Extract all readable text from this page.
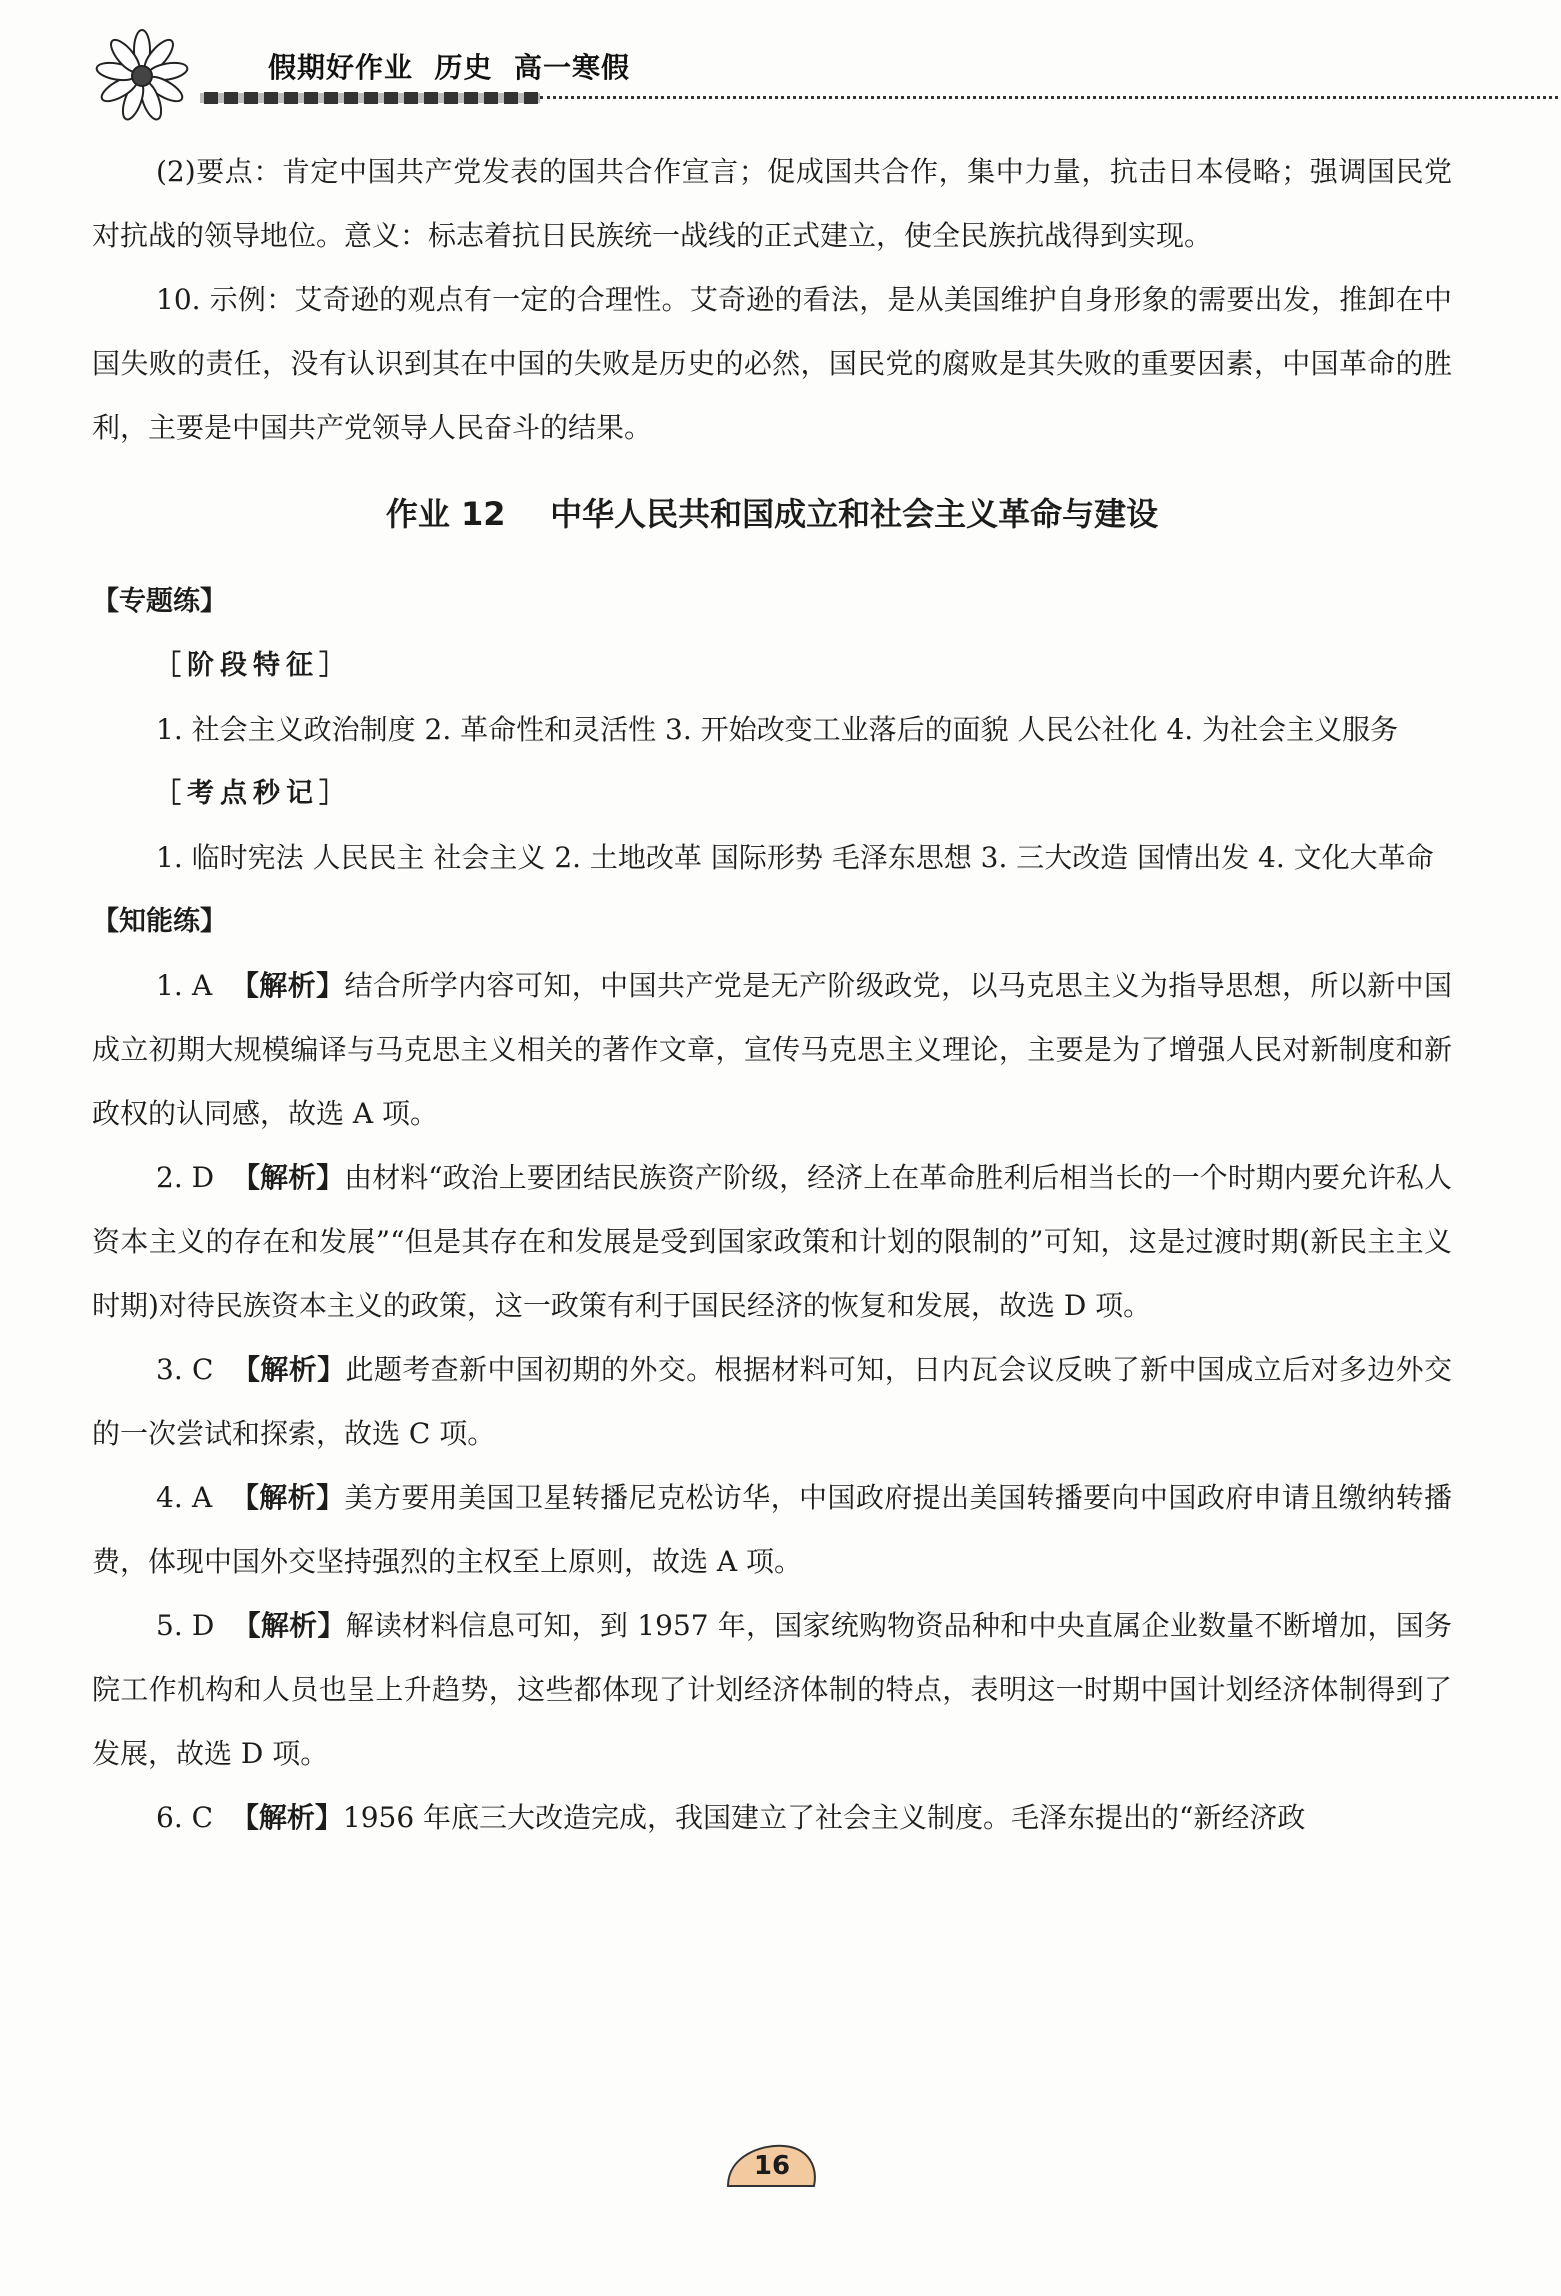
假期好作业  历史  高一寒假

(2)要点：肯定中国共产党发表的国共合作宣言；促成国共合作，集中力量，抗击日本侵略；强调国民党对抗战的领导地位。意义：标志着抗日民族统一战线的正式建立，使全民族抗战得到实现。

10. 示例：艾奇逊的观点有一定的合理性。艾奇逊的看法，是从美国维护自身形象的需要出发，推卸在中国失败的责任，没有认识到其在中国的失败是历史的必然，国民党的腐败是其失败的重要因素，中国革命的胜利，主要是中国共产党领导人民奋斗的结果。

作业 12    中华人民共和国成立和社会主义革命与建设

【专题练】

［阶段特征］

1. 社会主义政治制度 2. 革命性和灵活性 3. 开始改变工业落后的面貌 人民公社化 4. 为社会主义服务

［考点秒记］

1. 临时宪法 人民民主 社会主义 2. 土地改革 国际形势 毛泽东思想 3. 三大改造 国情出发 4. 文化大革命

【知能练】

1. A 【解析】结合所学内容可知，中国共产党是无产阶级政党，以马克思主义为指导思想，所以新中国成立初期大规模编译与马克思主义相关的著作文章，宣传马克思主义理论，主要是为了增强人民对新制度和新政权的认同感，故选 A 项。

2. D 【解析】由材料“政治上要团结民族资产阶级，经济上在革命胜利后相当长的一个时期内要允许私人资本主义的存在和发展”“但是其存在和发展是受到国家政策和计划的限制的”可知，这是过渡时期(新民主主义时期)对待民族资本主义的政策，这一政策有利于国民经济的恢复和发展，故选 D 项。

3. C 【解析】此题考查新中国初期的外交。根据材料可知，日内瓦会议反映了新中国成立后对多边外交的一次尝试和探索，故选 C 项。

4. A 【解析】美方要用美国卫星转播尼克松访华，中国政府提出美国转播要向中国政府申请且缴纳转播费，体现中国外交坚持强烈的主权至上原则，故选 A 项。

5. D 【解析】解读材料信息可知，到 1957 年，国家统购物资品种和中央直属企业数量不断增加，国务院工作机构和人员也呈上升趋势，这些都体现了计划经济体制的特点，表明这一时期中国计划经济体制得到了发展，故选 D 项。

6. C 【解析】1956 年底三大改造完成，我国建立了社会主义制度。毛泽东提出的“新经济政

16
